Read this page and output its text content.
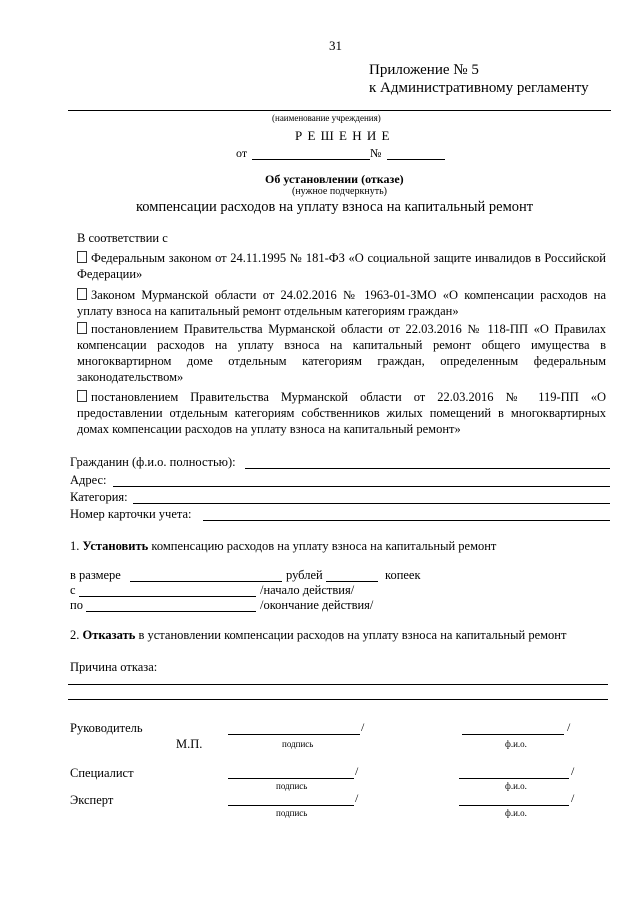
31
Приложение № 5
к Административному регламенту
(наименование учреждения)
Р Е Ш Е Н И Е
от	№
Об установлении (отказе)
(нужное подчеркнуть)
компенсации расходов на уплату взноса на капитальный ремонт
В соответствии с
Федеральным законом от 24.11.1995 № 181-ФЗ «О социальной защите инвалидов в Российской Федерации»
Законом Мурманской области от 24.02.2016 № 1963-01-ЗМО «О компенсации расходов на уплату взноса на капитальный ремонт отдельным категориям граждан»
постановлением Правительства Мурманской области от 22.03.2016 № 118-ПП «О Правилах компенсации расходов на уплату взноса на капитальный ремонт общего имущества в многоквартирном доме отдельным категориям граждан, определенным федеральным законодательством»
постановлением Правительства Мурманской области от 22.03.2016 № 119-ПП «О предоставлении отдельным категориям собственников жилых помещений в многоквартирных домах компенсации расходов на уплату взноса на капитальный ремонт»
Гражданин (ф.и.о. полностью):
Адрес:
Категория:
Номер карточки учета:
1. Установить компенсацию расходов на уплату взноса на капитальный ремонт
в размере	рублей	копеек
с	/начало действия/
по	/окончание действия/
2. Отказать в установлении компенсации расходов на уплату взноса на капитальный ремонт
Причина отказа:
Руководитель	/	/
М.П.	подпись	ф.и.о.
Специалист	/	/
подпись	ф.и.о.
Эксперт	/	/
подпись	ф.и.о.
